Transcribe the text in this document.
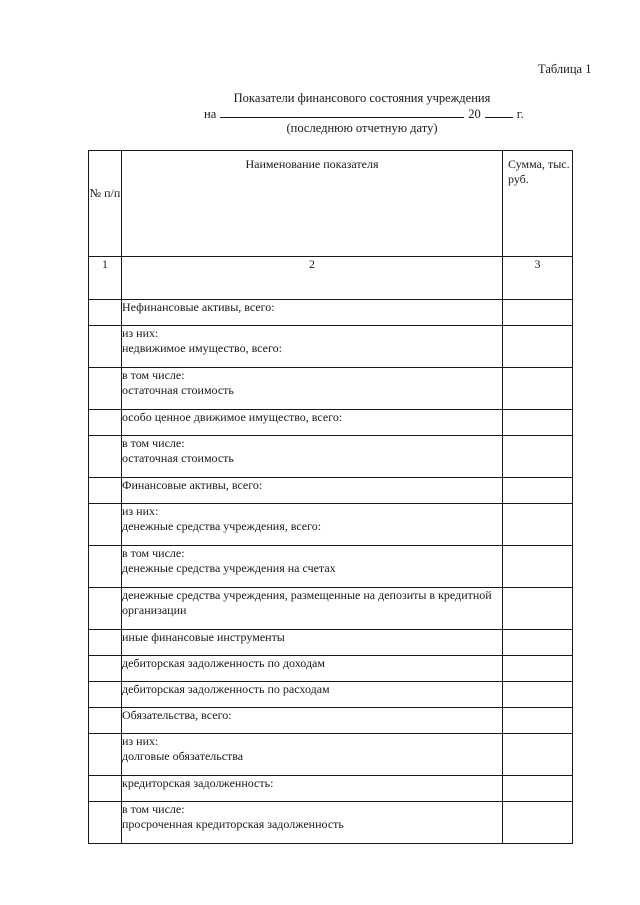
Таблица 1
Показатели финансового состояния учреждения
на	20	г.
(последнюю отчетную дату)
№ п/п	Наименование показателя	Сумма, тыс. руб.
1	2	3
	Нефинансовые активы, всего:	
	из них:
недвижимое имущество, всего:	
	в том числе:
остаточная стоимость	
	особо ценное движимое имущество, всего:	
	в том числе:
остаточная стоимость	
	Финансовые активы, всего:	
	из них:
денежные средства учреждения, всего:	
	в том числе:
денежные средства учреждения на счетах	
	денежные средства учреждения, размещенные на депозиты в кредитной организации	
	иные финансовые инструменты	
	дебиторская задолженность по доходам	
	дебиторская задолженность по расходам	
	Обязательства, всего:	
	из них:
долговые обязательства	
	кредиторская задолженность:	
	в том числе:
просроченная кредиторская задолженность	
